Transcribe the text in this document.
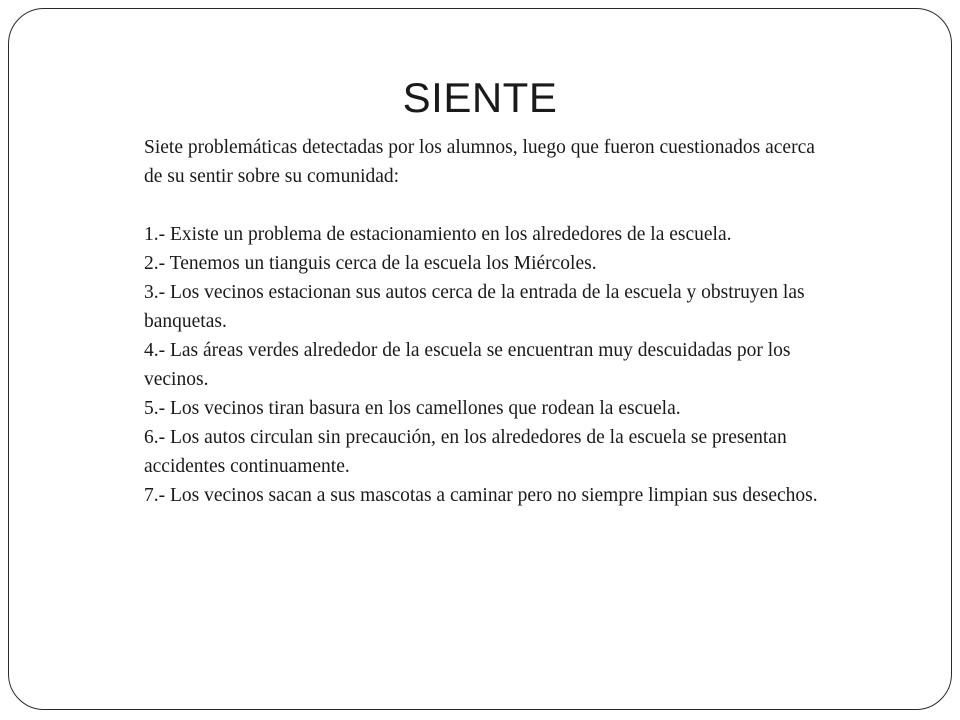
SIENTE

Siete problemáticas detectadas por los alumnos, luego que fueron cuestionados acerca de su sentir sobre su comunidad:

1.- Existe un problema de estacionamiento en los alrededores de la escuela.

2.- Tenemos un tianguis cerca de la escuela los Miércoles.

3.- Los vecinos estacionan sus autos cerca de la entrada de la escuela y obstruyen las banquetas.

4.- Las áreas verdes alrededor de la escuela se encuentran muy descuidadas por los vecinos.

5.- Los vecinos tiran basura en los camellones que rodean la escuela.

6.- Los autos circulan sin precaución, en los alrededores de la escuela se presentan accidentes continuamente.

7.- Los vecinos sacan a sus mascotas a caminar pero no siempre limpian sus desechos.
